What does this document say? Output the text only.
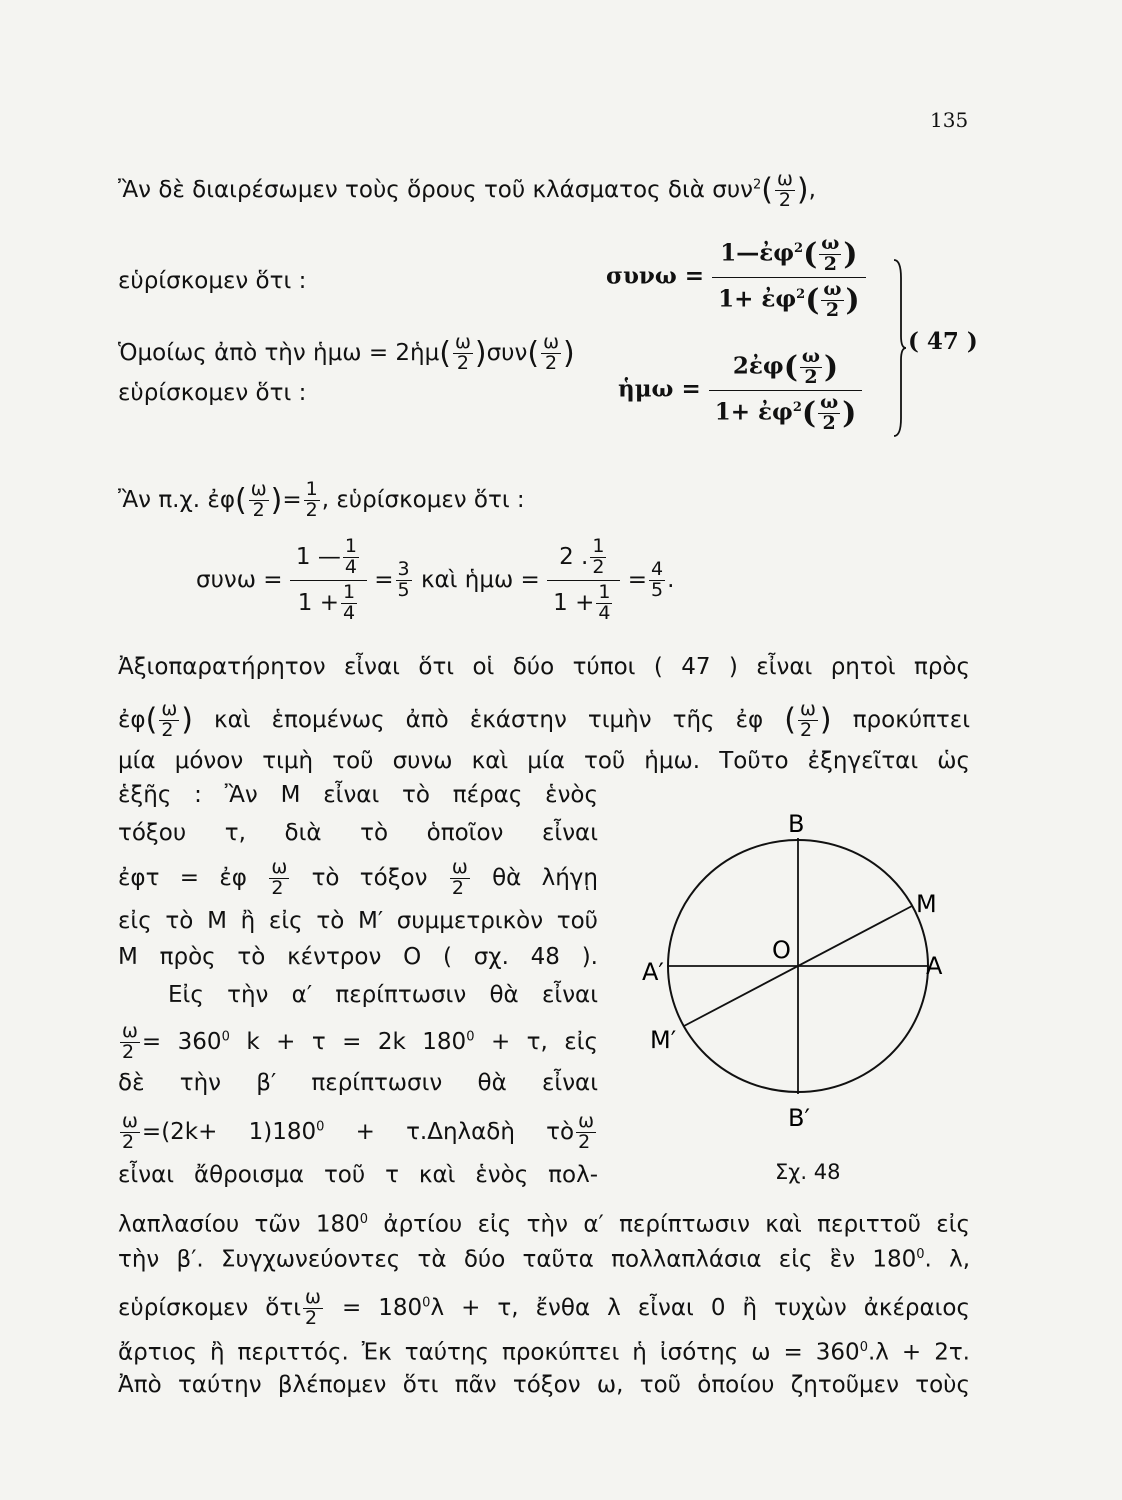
135
Ἂν δὲ διαιρέσωμεν τοὺς ὅρους τοῦ κλάσματος διὰ $\sigma\upsilon\nu^2( \frac{\omega}{2}$ ),
εὑρίσκομεν ὅτι :
Ὁμοίως ἀπὸ τὴν ἡμω = 2ἡμ( $\frac{\omega}{2} )\sigma\upsilon\nu( \frac{\omega}{2}$ )
εὑρίσκομεν ὅτι :
$\sigma\upsilon\nu\omega = \frac{1—ἐ\varphi^2( \frac{\omega}{2} )}{1+ ἐ\varphi^2( \frac{\omega}{2} )}$
ἡμω = $\frac{2ἐ\varphi( \frac{\omega}{2} )}{1+ ἐ\varphi^2( \frac{\omega}{2} )}$
( 47 )
Ἂν π.χ. ἐφ( $\frac{\omega}{2}$ )= $\frac{1}{2}$ , εὑρίσκομεν ὅτι :
$\sigma\upsilon\nu\omega = \frac{1 — \frac{1}{4}}{1 + \frac{1}{4}} = \frac{3}{5}$ καὶ ἡμω = $\frac{2 . \frac{1}{2}}{1 + \frac{1}{4}} = \frac{4}{5}$ .
Ἀξιοπαρατήρητον εἶναι ὅτι οἱ δύο τύποι ( 47 ) εἶναι ρητοὶ πρὸς
ἐφ( $\frac{\omega}{2}$ ) καὶ ἑπομένως ἀπὸ ἑκάστην τιμὴν τῆς ἐφ ( $\frac{\omega}{2}$ ) προκύπτει
μία μόνον τιμὴ τοῦ συνω καὶ μία τοῦ ἡμω. Τοῦτο ἐξηγεῖται ὡς
ἑξῆς : Ἂν Μ εἶναι τὸ πέρας ἑνὸς
τόξου τ, διὰ τὸ ὁποῖον εἶναι
ἐφτ = ἐφ $\frac{\omega}{2}$ τὸ τόξον $\frac{\omega}{2}$ θὰ λήγῃ
εἰς τὸ Μ ἢ εἰς τὸ Μ′ συμμετρικὸν τοῦ
Μ πρὸς τὸ κέντρον Ο ( σχ. 48 ).
Εἰς τὴν α′ περίπτωσιν θὰ εἶναι
$\frac{\omega}{2} = 360^0$ k + τ = 2k $180^0 + \tau$, εἰς
δὲ τὴν β′ περίπτωσιν θὰ εἶναι
$\frac{\omega}{2} =(2k+ 1)180^0$ + τ.Δηλαδὴ τὸ $\frac{\omega}{2}$
εἶναι ἄθροισμα τοῦ τ καὶ ἑνὸς πολ-
λαπλασίου τῶν $180^0$ ἀρτίου εἰς τὴν α′ περίπτωσιν καὶ περιττοῦ εἰς
τὴν β′. Συγχωνεύοντες τὰ δύο ταῦτα πολλαπλάσια εἰς ἓν $180^0$. λ,
εὑρίσκομεν ὅτι $\frac{\omega}{2} = 180^0\lambda + \tau$, ἔνθα λ εἶναι 0 ἢ τυχὼν ἀκέραιος
ἄρτιος ἢ περιττός. Ἐκ ταύτης προκύπτει ἡ ἰσότης $\omega = 360^0.\lambda + 2\tau$.
Ἀπὸ ταύτην βλέπομεν ὅτι πᾶν τόξον ω, τοῦ ὁποίου ζητοῦμεν τοὺς
Β
Β′
Α
Α′
Ο
Μ
Μ′
Σχ. 48
